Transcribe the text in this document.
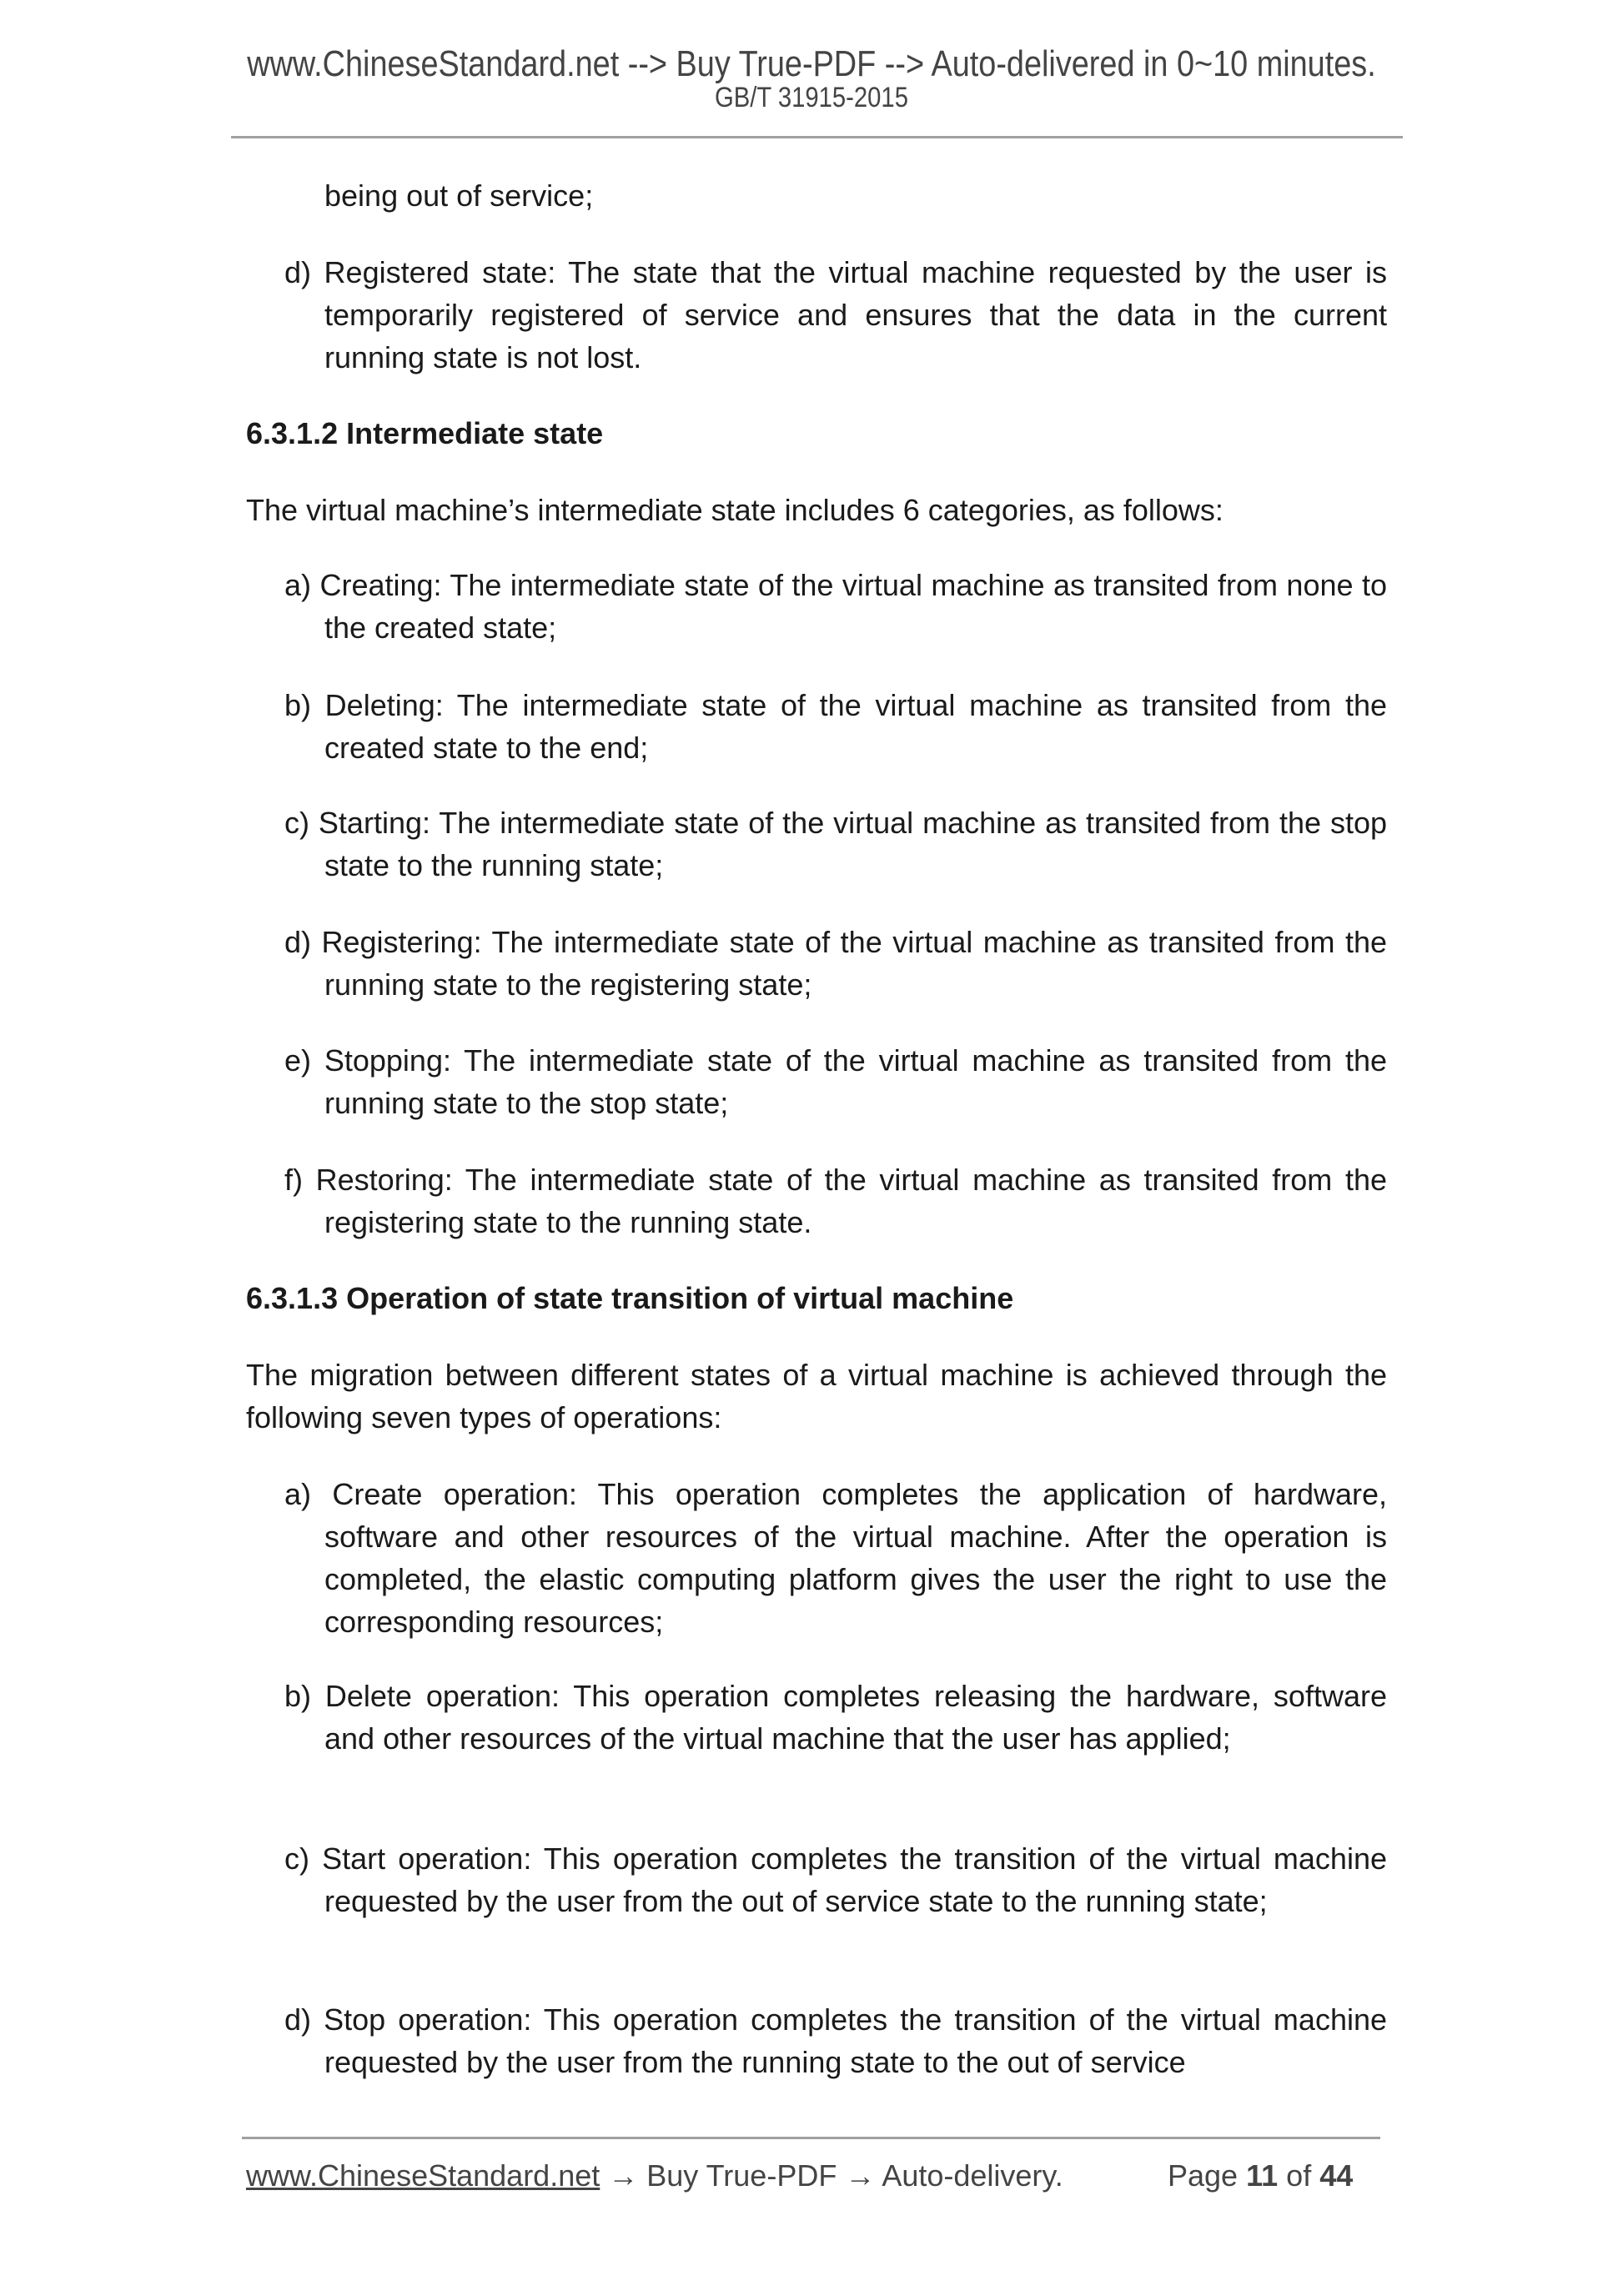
www.ChineseStandard.net --> Buy True-PDF --> Auto-delivered in 0~10 minutes.
GB/T 31915-2015
being out of service;
d) Registered state: The state that the virtual machine requested by the user is temporarily registered of service and ensures that the data in the current running state is not lost.
6.3.1.2 Intermediate state
The virtual machine’s intermediate state includes 6 categories, as follows:
a) Creating: The intermediate state of the virtual machine as transited from none to the created state;
b) Deleting: The intermediate state of the virtual machine as transited from the created state to the end;
c) Starting: The intermediate state of the virtual machine as transited from the stop state to the running state;
d) Registering: The intermediate state of the virtual machine as transited from the running state to the registering state;
e) Stopping: The intermediate state of the virtual machine as transited from the running state to the stop state;
f) Restoring: The intermediate state of the virtual machine as transited from the registering state to the running state.
6.3.1.3 Operation of state transition of virtual machine
The migration between different states of a virtual machine is achieved through the following seven types of operations:
a) Create operation: This operation completes the application of hardware, software and other resources of the virtual machine. After the operation is completed, the elastic computing platform gives the user the right to use the corresponding resources;
b) Delete operation: This operation completes releasing the hardware, software and other resources of the virtual machine that the user has applied;
c) Start operation: This operation completes the transition of the virtual machine requested by the user from the out of service state to the running state;
d) Stop operation: This operation completes the transition of the virtual machine requested by the user from the running state to the out of service
www.ChineseStandard.net → Buy True-PDF → Auto-delivery.	Page 11 of 44
